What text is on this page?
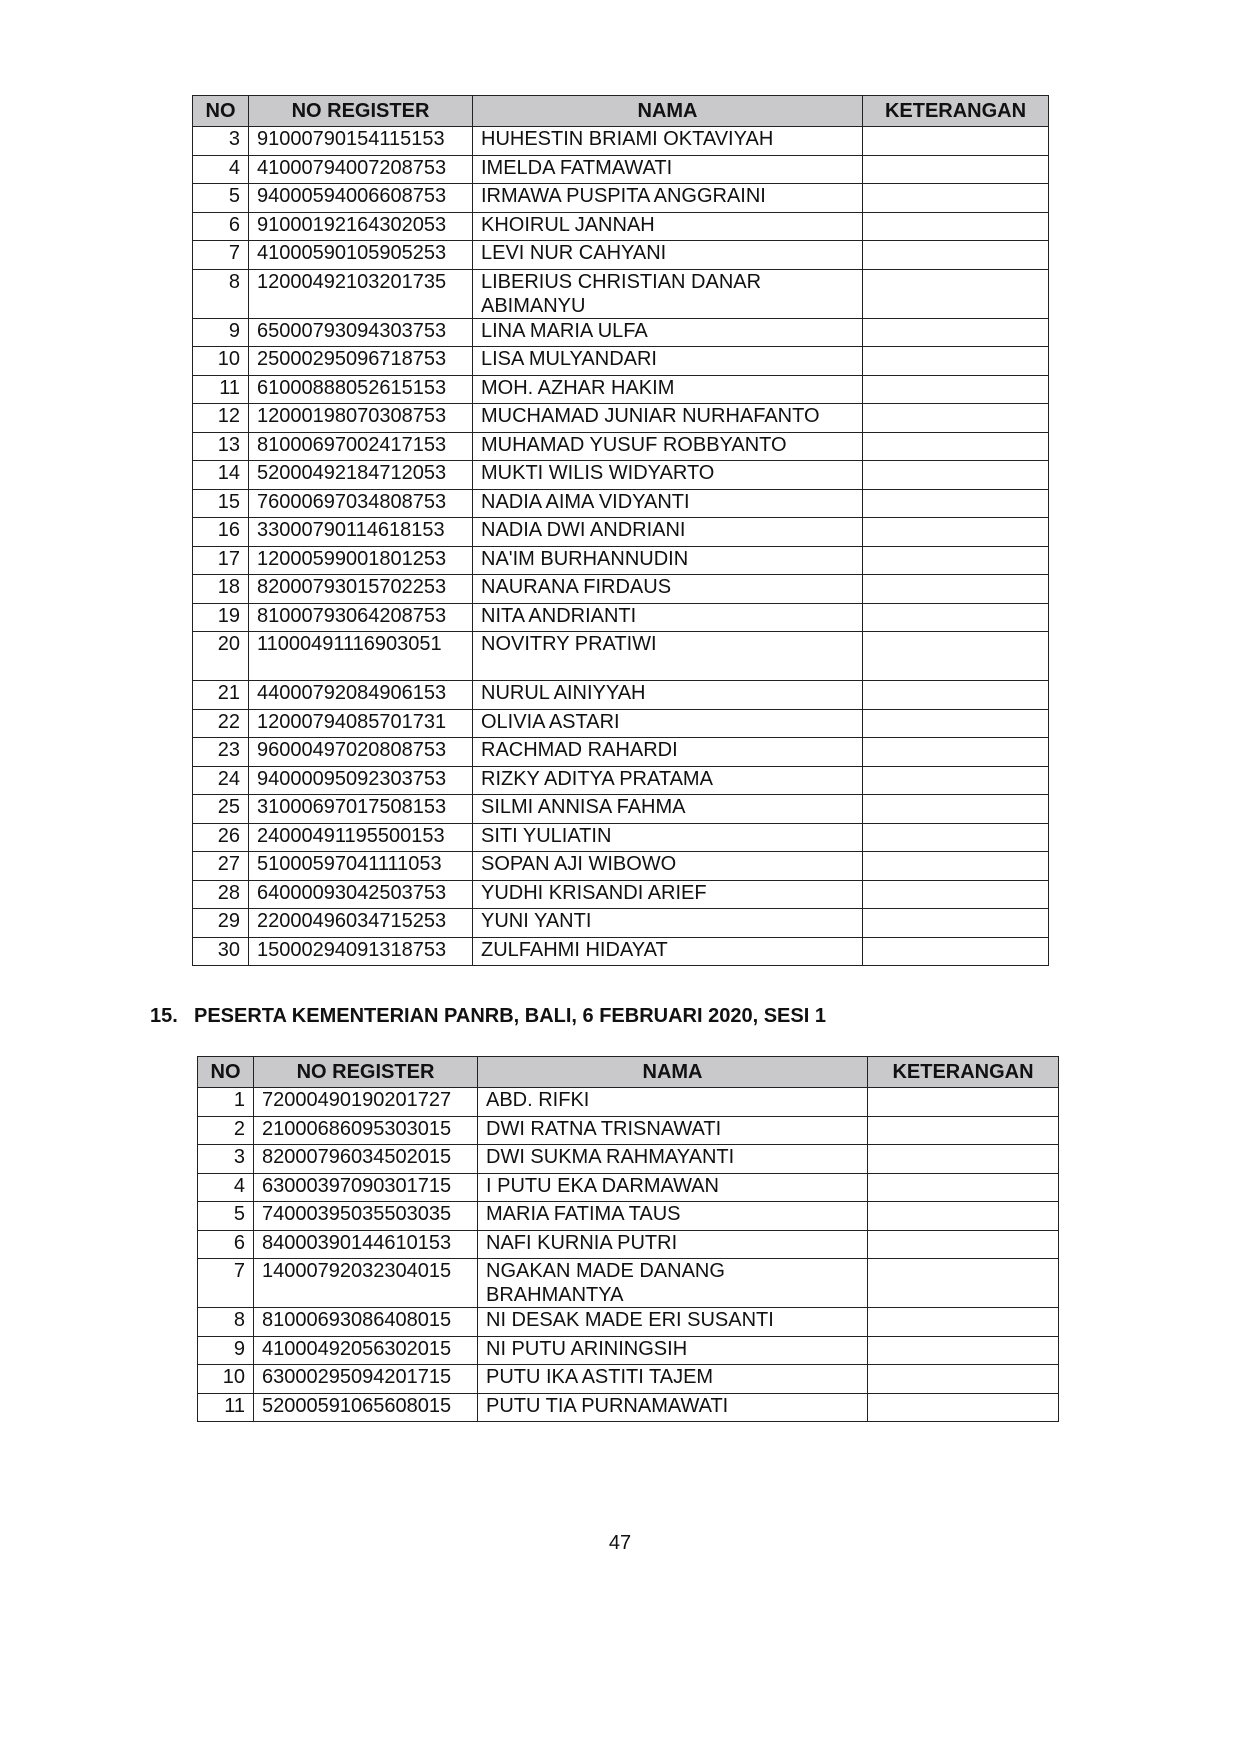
NO	NO REGISTER	NAMA	KETERANGAN
3	91000790154115153	HUHESTIN BRIAMI OKTAVIYAH	
4	41000794007208753	IMELDA FATMAWATI	
5	94000594006608753	IRMAWA PUSPITA ANGGRAINI	
6	91000192164302053	KHOIRUL JANNAH	
7	41000590105905253	LEVI NUR CAHYANI	
8	12000492103201735	LIBERIUS CHRISTIAN DANAR ABIMANYU	
9	65000793094303753	LINA MARIA ULFA	
10	25000295096718753	LISA MULYANDARI	
11	61000888052615153	MOH. AZHAR HAKIM	
12	12000198070308753	MUCHAMAD JUNIAR NURHAFANTO	
13	81000697002417153	MUHAMAD YUSUF ROBBYANTO	
14	52000492184712053	MUKTI WILIS WIDYARTO	
15	76000697034808753	NADIA AIMA VIDYANTI	
16	33000790114618153	NADIA DWI ANDRIANI	
17	12000599001801253	NA'IM BURHANNUDIN	
18	82000793015702253	NAURANA FIRDAUS	
19	81000793064208753	NITA ANDRIANTI	
20	11000491116903051	NOVITRY PRATIWI	
21	44000792084906153	NURUL AINIYYAH	
22	12000794085701731	OLIVIA ASTARI	
23	96000497020808753	RACHMAD RAHARDI	
24	94000095092303753	RIZKY ADITYA PRATAMA	
25	31000697017508153	SILMI ANNISA FAHMA	
26	24000491195500153	SITI YULIATIN	
27	51000597041111053	SOPAN AJI WIBOWO	
28	64000093042503753	YUDHI KRISANDI ARIEF	
29	22000496034715253	YUNI YANTI	
30	15000294091318753	ZULFAHMI HIDAYAT	
15. PESERTA KEMENTERIAN PANRB, BALI, 6 FEBRUARI 2020, SESI 1
NO	NO REGISTER	NAMA	KETERANGAN
1	72000490190201727	ABD. RIFKI	
2	21000686095303015	DWI RATNA TRISNAWATI	
3	82000796034502015	DWI SUKMA RAHMAYANTI	
4	63000397090301715	I PUTU EKA DARMAWAN	
5	74000395035503035	MARIA FATIMA TAUS	
6	84000390144610153	NAFI KURNIA PUTRI	
7	14000792032304015	NGAKAN MADE DANANG BRAHMANTYA	
8	81000693086408015	NI DESAK MADE ERI SUSANTI	
9	41000492056302015	NI PUTU ARININGSIH	
10	63000295094201715	PUTU IKA ASTITI TAJEM	
11	52000591065608015	PUTU TIA PURNAMAWATI	
47
